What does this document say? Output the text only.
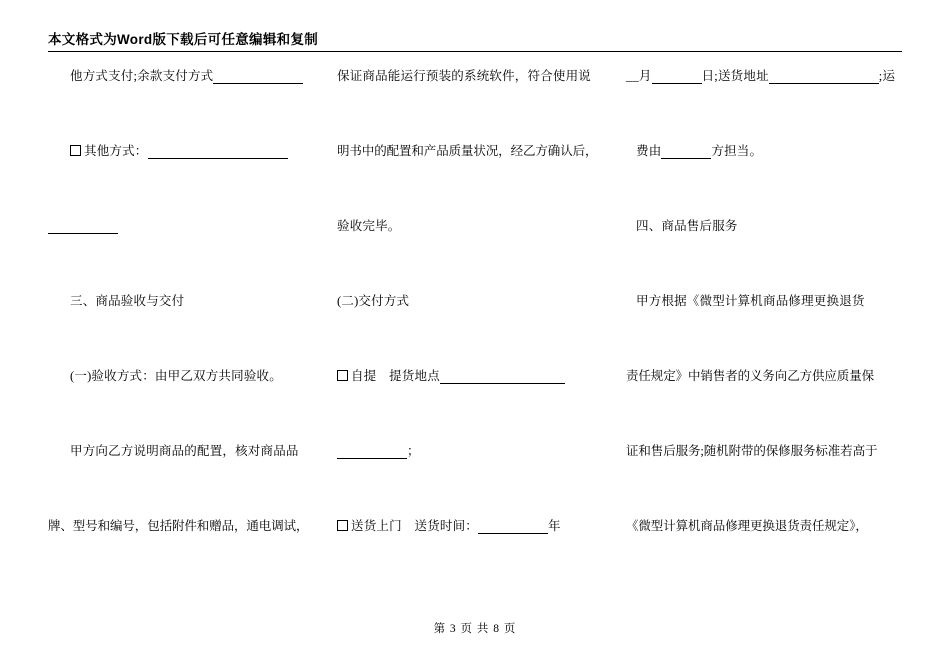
本文格式为Word版下载后可任意编辑和复制
他方式支付;余款支付方式
其他方式：
三、商品验收与交付
(一)验收方式：由甲乙双方共同验收。
甲方向乙方说明商品的配置，核对商品品
牌、型号和编号，包括附件和赠品，通电调试，
保证商品能运行预装的系统软件，符合使用说
明书中的配置和产品质量状况，经乙方确认后，
验收完毕。
(二)交付方式
自提　提货地点
；
送货上门　送货时间：	年
__月	日;送货地址	;运
费由	方担当。
四、商品售后服务
甲方根据《微型计算机商品修理更换退货
责任规定》中销售者的义务向乙方供应质量保
证和售后服务;随机附带的保修服务标准若高于
《微型计算机商品修理更换退货责任规定》，
第 3 页 共 8 页
